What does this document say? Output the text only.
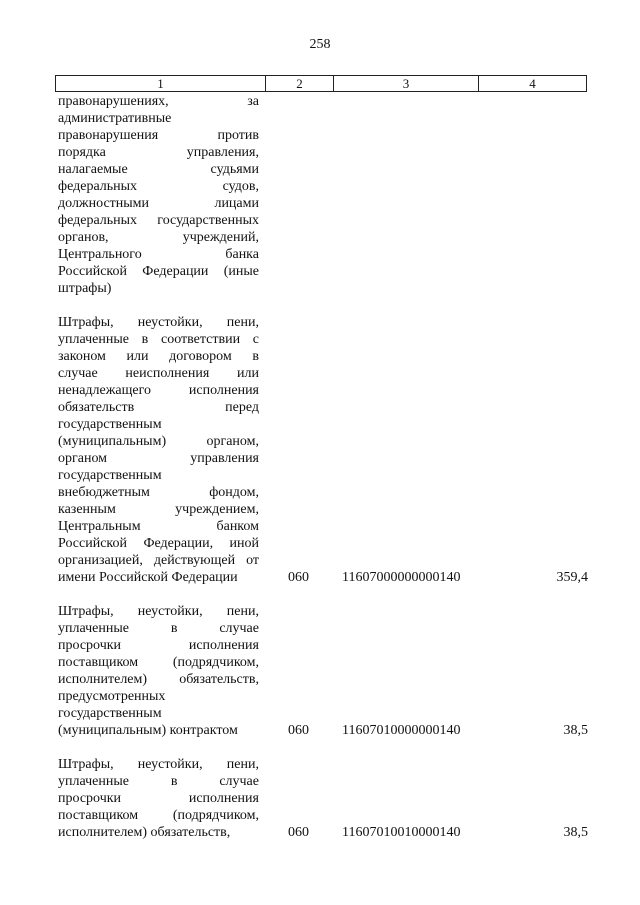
258
1	2	3	4
правонарушениях, за
административные
правонарушения против
порядка управления,
налагаемые судьями
федеральных судов,
должностными лицами
федеральных государственных
органов, учреждений,
Центрального банка
Российской Федерации (иные
штрафы)
Штрафы, неустойки, пени,
уплаченные в соответствии с
законом или договором в
случае неисполнения или
ненадлежащего исполнения
обязательств перед
государственным
(муниципальным) органом,
органом управления
государственным
внебюджетным фондом,
казенным учреждением,
Центральным банком
Российской Федерации, иной
организацией, действующей от
имени Российской Федерации	060 11607000000000140	359,4
Штрафы, неустойки, пени,
уплаченные в случае
просрочки исполнения
поставщиком (подрядчиком,
исполнителем) обязательств,
предусмотренных
государственным
(муниципальным) контрактом	060 11607010000000140	38,5
Штрафы, неустойки, пени,
уплаченные в случае
просрочки исполнения
поставщиком (подрядчиком,
исполнителем) обязательств,	060 11607010010000140	38,5
